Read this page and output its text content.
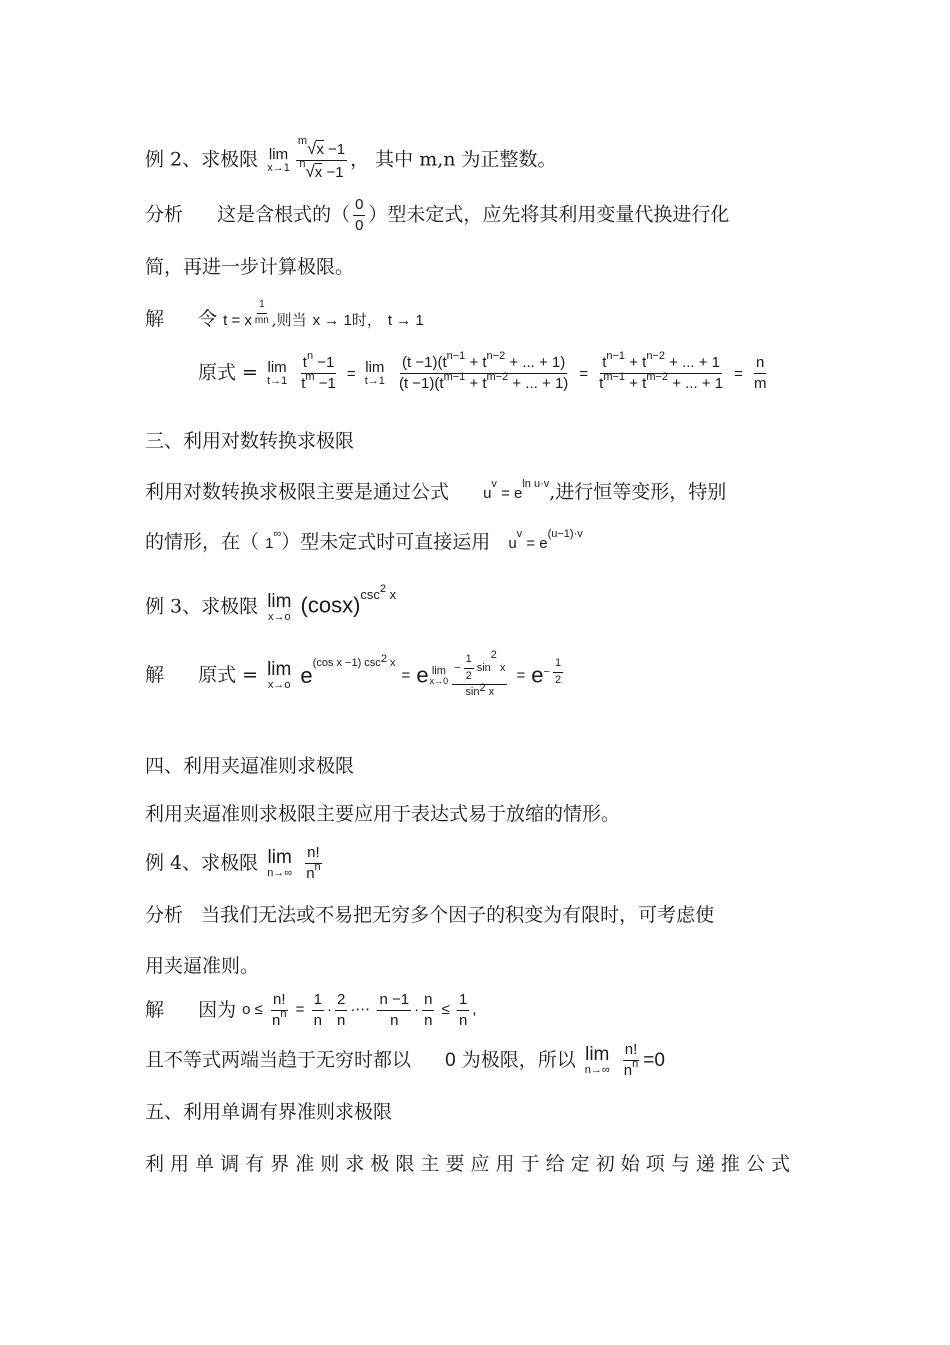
例 2、求极限 lim
$x\to 1 \frac{^m√x -1}{^n√x -1}$ ， 其中 m,n 为正整数。
分析 这是含根式的（ $\frac{0}{0}$ ）型未定式，应先将其利用变量代换进行化
简，再进一步计算极限。
解 令 t = x $\frac{1}{mn}$ ,则当 x → 1时， t → 1
原式 = lim
t→1
$\frac{t^n -1}{t^m -1} = \lim$
t→1
$\frac{(t -1)(t^{n-1} + t^{n-2} + ... + 1)}{(t -1)(t^{m-1} + t^{m-2} + ... + 1)} = \frac{t^{n-1} + t^{n-2} + ... + 1}{t^{m-1} + t^{m-2} + ... + 1} = \frac{n}{m}$
三、利用对数转换求极限
利用对数转换求极限主要是通过公式 $u^v = e^{ln u\cdot v}$,进行恒等变形，特别
的情形，在（ 1∞）型未定式时可直接运用 $u^v = e^{(u-1)\cdot v}$
例 3、求极限 lim
x→o $(\cos x)^{csc^2 x}$
解 原式 = lim
x→o $e^{(cos x -1) csc^2 x} = e$ lim
$x\to 0 \frac{- \frac{1}{2} \sin^2 x}{\sin^2 x} = e- \frac{1}{2}$
四、利用夹逼准则求极限
利用夹逼准则求极限主要应用于表达式易于放缩的情形。
例 4、求极限 lim
n→∞
$\frac{n!}{n^n}$
分析 当我们无法或不易把无穷多个因子的积变为有限时，可考虑使
用夹逼准则。
解 因为 $o \le \frac{n!}{n^n} = \frac{1}{n} \cdot \frac{2}{n}$ ·⋯ $\frac{n -1}{n} \cdot \frac{n}{n} \le \frac{1}{n}$ ,
且不等式两端当趋于无穷时都以 0 为极限，所以 lim
n→∞
$\frac{n!}{n^n} =0$
五、利用单调有界准则求极限
利 用 单 调 有 界 准 则 求 极 限 主 要 应 用 于 给 定 初 始 项 与 递 推 公 式
